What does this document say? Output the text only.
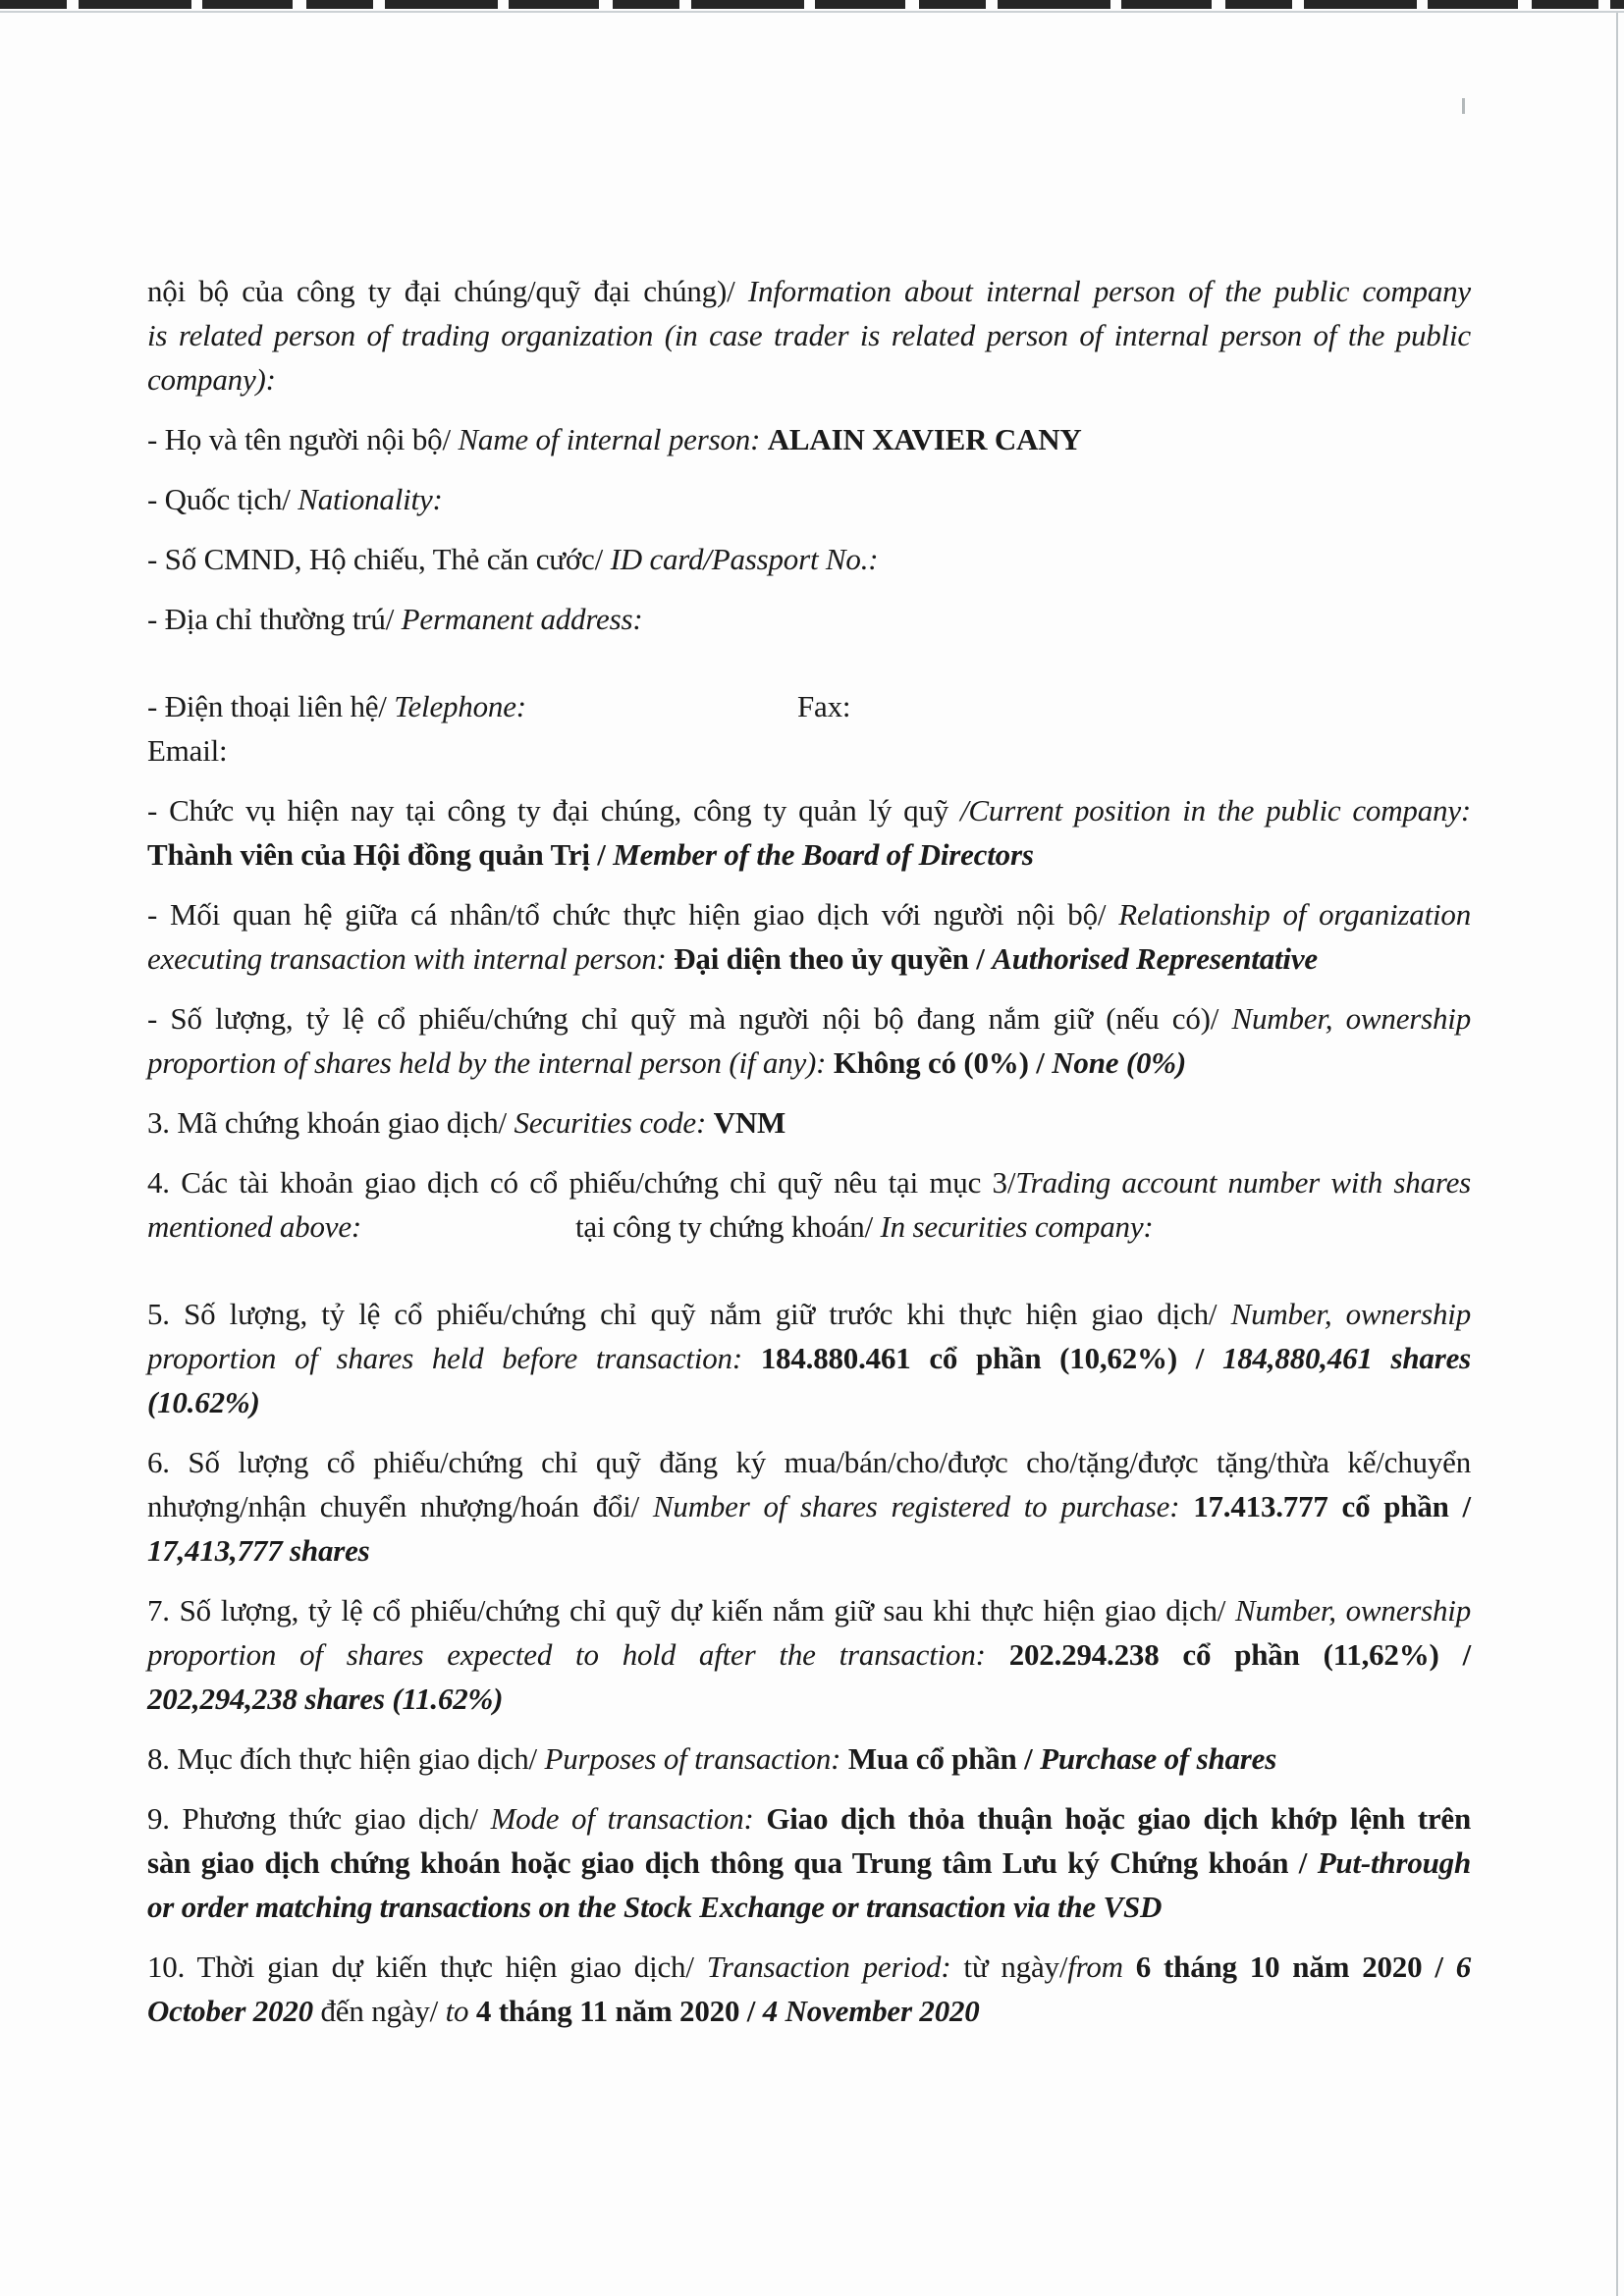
nội bộ của công ty đại chúng/quỹ đại chúng)/ Information about internal person of the public company
is related person of trading organization (in case trader is related person of internal person of the public
company):
- Họ và tên người nội bộ/ Name of internal person: ALAIN XAVIER CANY
- Quốc tịch/ Nationality:
- Số CMND, Hộ chiếu, Thẻ căn cước/ ID card/Passport No.:
- Địa chỉ thường trú/ Permanent address:
- Điện thoại liên hệ/ Telephone:	Fax:
Email:
- Chức vụ hiện nay tại công ty đại chúng, công ty quản lý quỹ /Current position in the public company:
Thành viên của Hội đồng quản Trị / Member of the Board of Directors
- Mối quan hệ giữa cá nhân/tổ chức thực hiện giao dịch với người nội bộ/ Relationship of organization
executing transaction with internal person: Đại diện theo ủy quyền / Authorised Representative
- Số lượng, tỷ lệ cổ phiếu/chứng chỉ quỹ mà người nội bộ đang nắm giữ (nếu có)/ Number, ownership
proportion of shares held by the internal person (if any): Không có (0%) / None (0%)
3. Mã chứng khoán giao dịch/ Securities code: VNM
4. Các tài khoản giao dịch có cổ phiếu/chứng chỉ quỹ nêu tại mục 3/Trading account number with shares
mentioned above:	tại công ty chứng khoán/ In securities company:
5. Số lượng, tỷ lệ cổ phiếu/chứng chỉ quỹ nắm giữ trước khi thực hiện giao dịch/ Number, ownership
proportion of shares held before transaction: 184.880.461 cổ phần (10,62%) / 184,880,461 shares
(10.62%)
6. Số lượng cổ phiếu/chứng chỉ quỹ đăng ký mua/bán/cho/được cho/tặng/được tặng/thừa kế/chuyển
nhượng/nhận chuyển nhượng/hoán đổi/ Number of shares registered to purchase: 17.413.777 cổ phần /
17,413,777 shares
7. Số lượng, tỷ lệ cổ phiếu/chứng chỉ quỹ dự kiến nắm giữ sau khi thực hiện giao dịch/ Number, ownership
proportion of shares expected to hold after the transaction: 202.294.238 cổ phần (11,62%) /
202,294,238 shares (11.62%)
8. Mục đích thực hiện giao dịch/ Purposes of transaction: Mua cổ phần / Purchase of shares
9. Phương thức giao dịch/ Mode of transaction: Giao dịch thỏa thuận hoặc giao dịch khớp lệnh trên
sàn giao dịch chứng khoán hoặc giao dịch thông qua Trung tâm Lưu ký Chứng khoán / Put-through
or order matching transactions on the Stock Exchange or transaction via the VSD
10. Thời gian dự kiến thực hiện giao dịch/ Transaction period: từ ngày/from 6 tháng 10 năm 2020 / 6
October 2020 đến ngày/ to 4 tháng 11 năm 2020 / 4 November 2020
